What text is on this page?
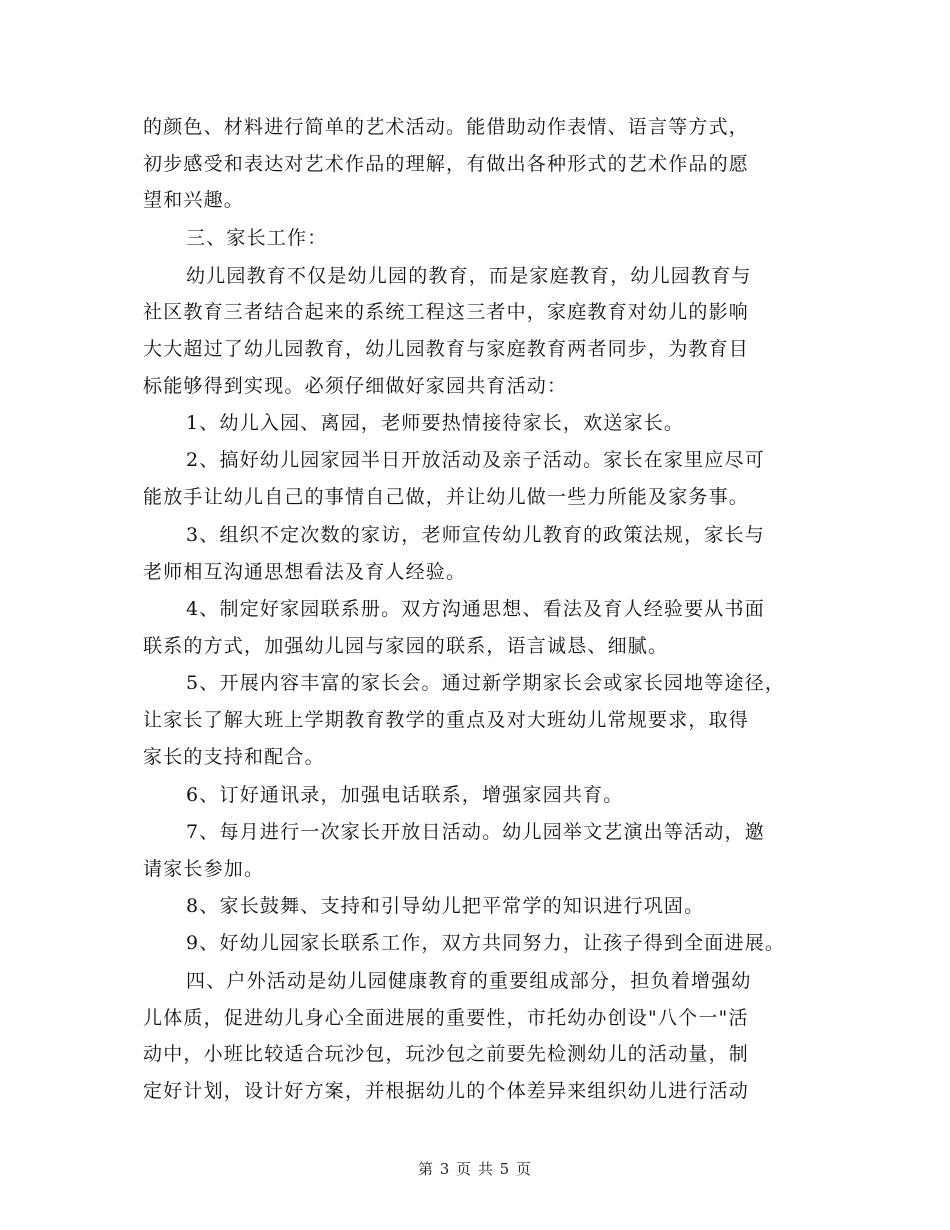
的颜色、材料进行简单的艺术活动。能借助动作表情、语言等方式，
初步感受和表达对艺术作品的理解，有做出各种形式的艺术作品的愿
望和兴趣。
三、家长工作：
幼儿园教育不仅是幼儿园的教育，而是家庭教育，幼儿园教育与
社区教育三者结合起来的系统工程这三者中，家庭教育对幼儿的影响
大大超过了幼儿园教育，幼儿园教育与家庭教育两者同步，为教育目
标能够得到实现。必须仔细做好家园共育活动：
1、幼儿入园、离园，老师要热情接待家长，欢送家长。
2、搞好幼儿园家园半日开放活动及亲子活动。家长在家里应尽可
能放手让幼儿自己的事情自己做，并让幼儿做一些力所能及家务事。
3、组织不定次数的家访，老师宣传幼儿教育的政策法规，家长与
老师相互沟通思想看法及育人经验。
4、制定好家园联系册。双方沟通思想、看法及育人经验要从书面
联系的方式，加强幼儿园与家园的联系，语言诚恳、细腻。
5、开展内容丰富的家长会。通过新学期家长会或家长园地等途径，
让家长了解大班上学期教育教学的重点及对大班幼儿常规要求，取得
家长的支持和配合。
6、订好通讯录，加强电话联系，增强家园共育。
7、每月进行一次家长开放日活动。幼儿园举文艺演出等活动，邀
请家长参加。
8、家长鼓舞、支持和引导幼儿把平常学的知识进行巩固。
9、好幼儿园家长联系工作，双方共同努力，让孩子得到全面进展。
四、户外活动是幼儿园健康教育的重要组成部分，担负着增强幼
儿体质，促进幼儿身心全面进展的重要性，市托幼办创设"八个一"活
动中，小班比较适合玩沙包，玩沙包之前要先检测幼儿的活动量，制
定好计划，设计好方案，并根据幼儿的个体差异来组织幼儿进行活动
第 3 页 共 5 页
